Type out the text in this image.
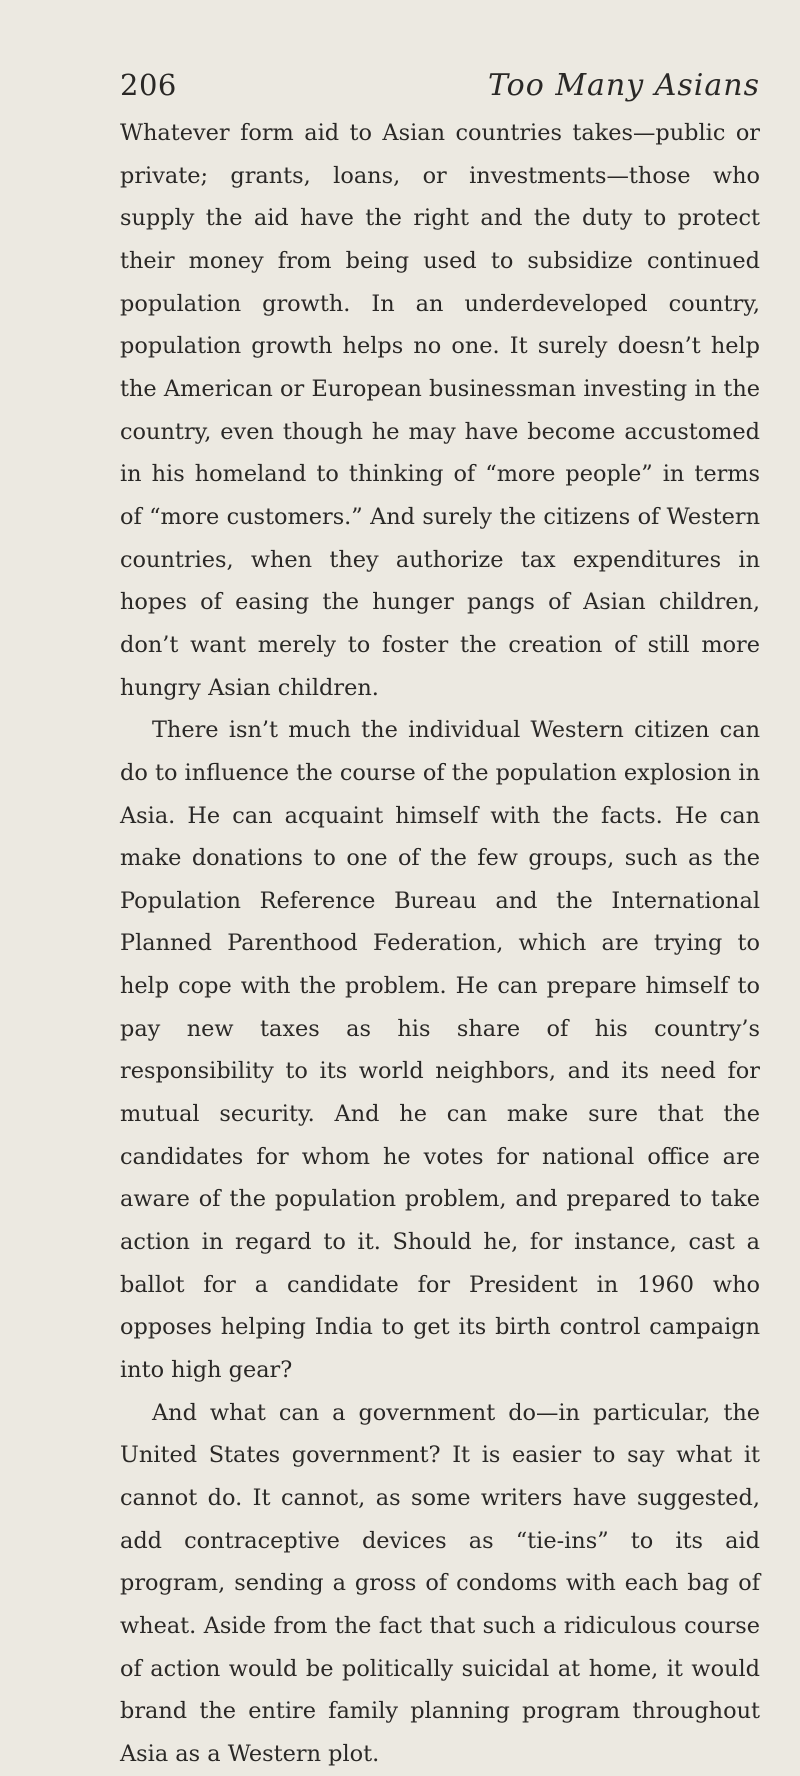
206	Too Many Asians

Whatever form aid to Asian countries takes—public or private; grants, loans, or investments—those who supply the aid have the right and the duty to protect their money from being used to subsidize continued population growth. In an underdeveloped country, population growth helps no one. It surely doesn’t help the American or European businessman investing in the country, even though he may have become accustomed in his homeland to thinking of “more people” in terms of “more customers.” And surely the citizens of Western countries, when they authorize tax expenditures in hopes of easing the hunger pangs of Asian children, don’t want merely to foster the creation of still more hungry Asian children.

There isn’t much the individual Western citizen can do to influence the course of the population explosion in Asia. He can acquaint himself with the facts. He can make donations to one of the few groups, such as the Population Reference Bureau and the International Planned Parenthood Federation, which are trying to help cope with the problem. He can prepare himself to pay new taxes as his share of his country’s responsibility to its world neighbors, and its need for mutual security. And he can make sure that the candidates for whom he votes for national office are aware of the population problem, and prepared to take action in regard to it. Should he, for instance, cast a ballot for a candidate for President in 1960 who opposes helping India to get its birth control campaign into high gear?

And what can a government do—in particular, the United States government? It is easier to say what it cannot do. It cannot, as some writers have suggested, add contraceptive devices as “tie-ins” to its aid program, sending a gross of condoms with each bag of wheat. Aside from the fact that such a ridiculous course of action would be politically suicidal at home, it would brand the entire family planning program throughout Asia as a Western plot.
